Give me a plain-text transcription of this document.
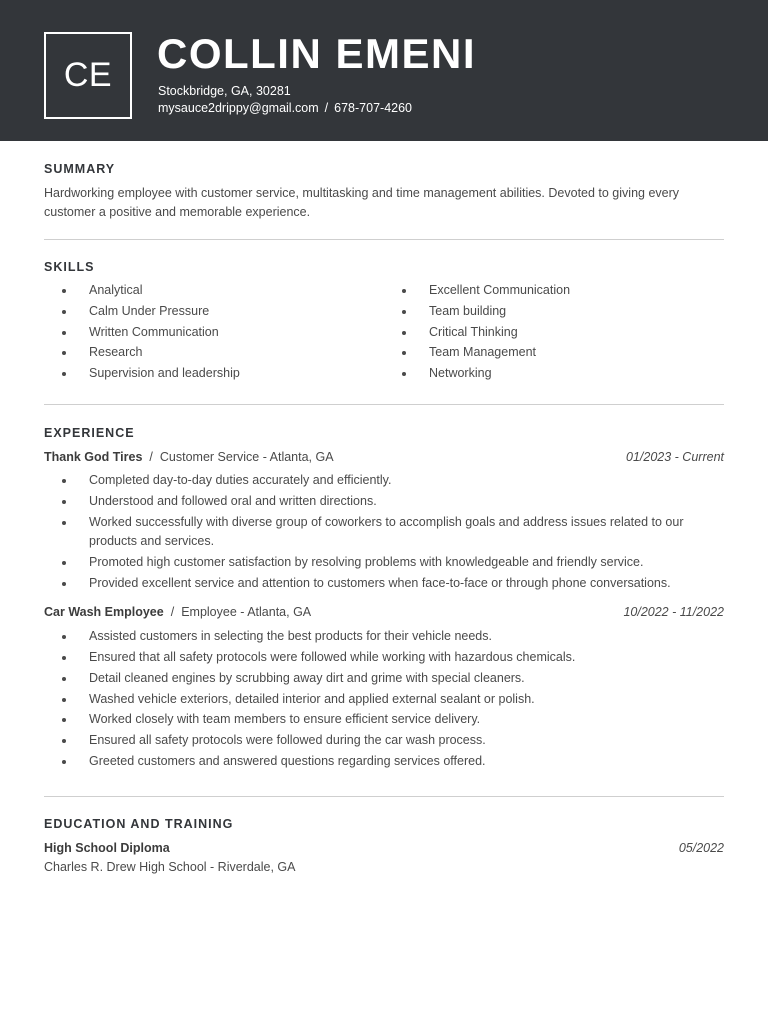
CE COLLIN EMENI
Stockbridge, GA, 30281
mysauce2drippy@gmail.com / 678-707-4260
SUMMARY

Hardworking employee with customer service, multitasking and time management abilities. Devoted to giving every customer a positive and memorable experience.

SKILLS
Analytical
Calm Under Pressure
Written Communication
Research
Supervision and leadership
Excellent Communication
Team building
Critical Thinking
Team Management
Networking
EXPERIENCE
Thank God Tires / Customer Service - Atlanta, GA	01/2023 - Current
Completed day-to-day duties accurately and efficiently.
Understood and followed oral and written directions.
Worked successfully with diverse group of coworkers to accomplish goals and address issues related to our products and services.
Promoted high customer satisfaction by resolving problems with knowledgeable and friendly service.
Provided excellent service and attention to customers when face-to-face or through phone conversations.
Car Wash Employee / Employee - Atlanta, GA	10/2022 - 11/2022
Assisted customers in selecting the best products for their vehicle needs.
Ensured that all safety protocols were followed while working with hazardous chemicals.
Detail cleaned engines by scrubbing away dirt and grime with special cleaners.
Washed vehicle exteriors, detailed interior and applied external sealant or polish.
Worked closely with team members to ensure efficient service delivery.
Ensured all safety protocols were followed during the car wash process.
Greeted customers and answered questions regarding services offered.
EDUCATION AND TRAINING
High School Diploma	05/2022
Charles R. Drew High School - Riverdale, GA
